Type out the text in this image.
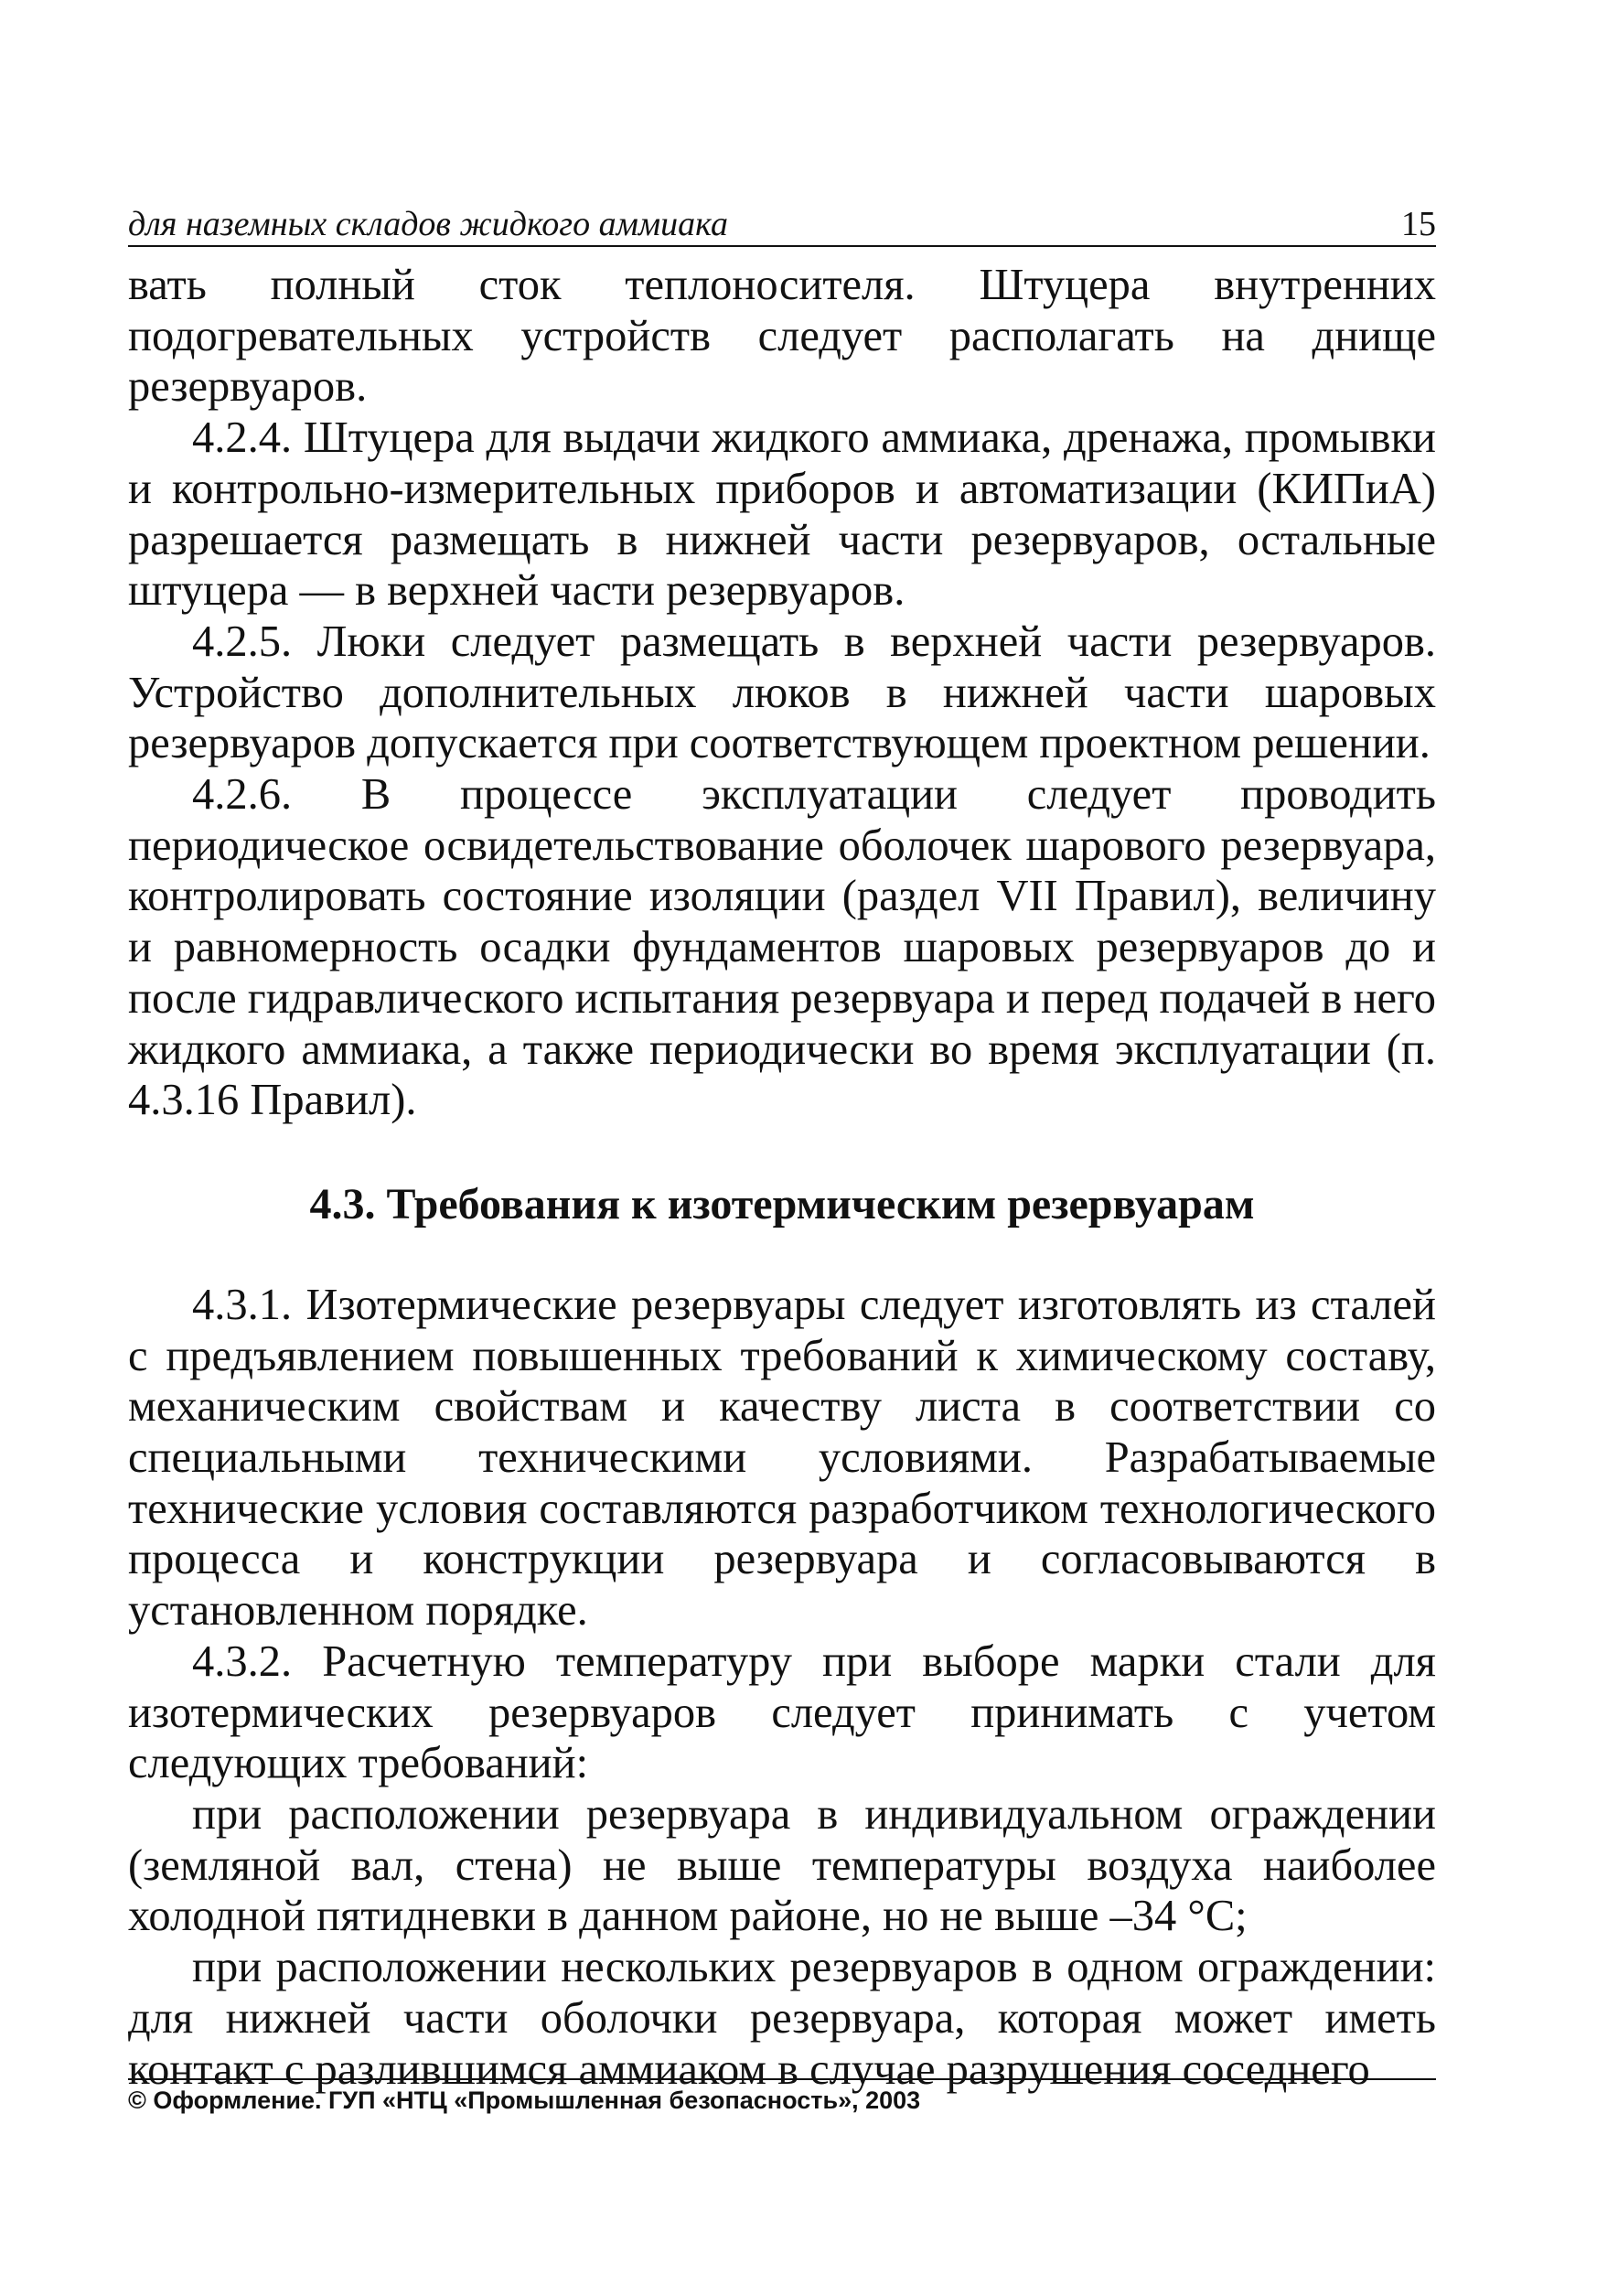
для наземных складов жидкого аммиака	15

вать полный сток теплоносителя. Штуцера внутренних подогревательных устройств следует располагать на днище резервуаров.

4.2.4. Штуцера для выдачи жидкого аммиака, дренажа, промывки и контрольно-измерительных приборов и автоматизации (КИПиА) разрешается размещать в нижней части резервуаров, остальные штуцера — в верхней части резервуаров.

4.2.5. Люки следует размещать в верхней части резервуаров. Устройство дополнительных люков в нижней части шаровых резервуаров допускается при соответствующем проектном решении.

4.2.6. В процессе эксплуатации следует проводить периодическое освидетельствование оболочек шарового резервуара, контролировать состояние изоляции (раздел VII Правил), величину и равномерность осадки фундаментов шаровых резервуаров до и после гидравлического испытания резервуара и перед подачей в него жидкого аммиака, а также периодически во время эксплуатации (п. 4.3.16 Правил).

4.3. Требования к изотермическим резервуарам

4.3.1. Изотермические резервуары следует изготовлять из сталей с предъявлением повышенных требований к химическому составу, механическим свойствам и качеству листа в соответствии со специальными техническими условиями. Разрабатываемые технические условия составляются разработчиком технологического процесса и конструкции резервуара и согласовываются в установленном порядке.

4.3.2. Расчетную температуру при выборе марки стали для изотермических резервуаров следует принимать с учетом следующих требований:

при расположении резервуара в индивидуальном ограждении (земляной вал, стена) не выше температуры воздуха наиболее холодной пятидневки в данном районе, но не выше –34 °С;

при расположении нескольких резервуаров в одном ограждении: для нижней части оболочки резервуара, которая может иметь контакт с разлившимся аммиаком в случае разрушения соседнего

© Оформление. ГУП «НТЦ «Промышленная безопасность», 2003
